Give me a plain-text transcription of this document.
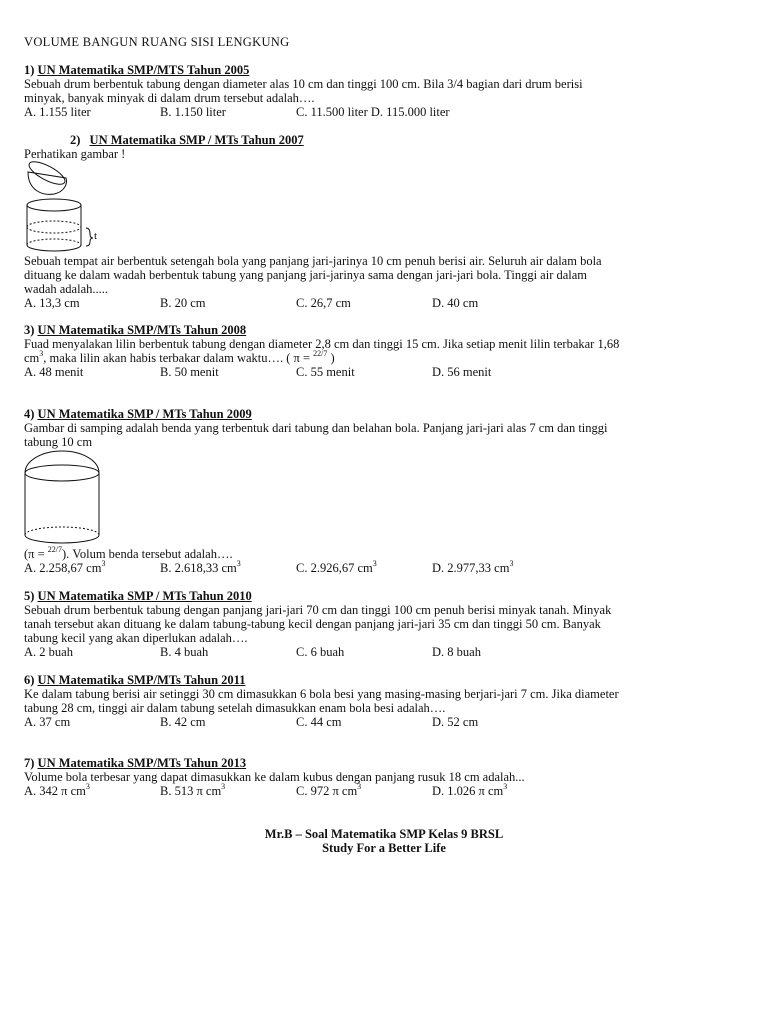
VOLUME BANGUN RUANG SISI LENGKUNG
1) UN Matematika SMP/MTS Tahun 2005
Sebuah drum berbentuk tabung dengan diameter alas 10 cm dan tinggi 100 cm. Bila 3/4 bagian dari drum berisi
minyak, banyak minyak di dalam drum tersebut adalah….
A. 1.155 liter	B. 1.150 liter	C. 11.500 liter D. 115.000 liter
2) UN Matematika SMP / MTs Tahun 2007
Perhatikan gambar !
t
Sebuah tempat air berbentuk setengah bola yang panjang jari-jarinya 10 cm penuh berisi air. Seluruh air dalam bola
dituang ke dalam wadah berbentuk tabung yang panjang jari-jarinya sama dengan jari-jari bola. Tinggi air dalam
wadah adalah.....
A. 13,3 cm	B. 20 cm	C. 26,7 cm	D. 40 cm
3) UN Matematika SMP/MTs Tahun 2008
Fuad menyalakan lilin berbentuk tabung dengan diameter 2,8 cm dan tinggi 15 cm. Jika setiap menit lilin terbakar 1,68
$cm^3$, maka lilin akan habis terbakar dalam waktu…. ( π = $^{22/7}$ )
A. 48 menit	B. 50 menit	C. 55 menit	D. 56 menit
4) UN Matematika SMP / MTs Tahun 2009
Gambar di samping adalah benda yang terbentuk dari tabung dan belahan bola. Panjang jari-jari alas 7 cm dan tinggi
tabung 10 cm
(π = $^{22/7}$). Volum benda tersebut adalah….
A. 2.258,67 $cm^3$	B. 2.618,33 $cm^3$	C. 2.926,67 $cm^3$	D. 2.977,33 $cm^3$
5) UN Matematika SMP / MTs Tahun 2010
Sebuah drum berbentuk tabung dengan panjang jari-jari 70 cm dan tinggi 100 cm penuh berisi minyak tanah. Minyak
tanah tersebut akan dituang ke dalam tabung-tabung kecil dengan panjang jari-jari 35 cm dan tinggi 50 cm. Banyak
tabung kecil yang akan diperlukan adalah….
A. 2 buah	B. 4 buah	C. 6 buah	D. 8 buah
6) UN Matematika SMP/MTs Tahun 2011
Ke dalam tabung berisi air setinggi 30 cm dimasukkan 6 bola besi yang masing-masing berjari-jari 7 cm. Jika diameter
tabung 28 cm, tinggi air dalam tabung setelah dimasukkan enam bola besi adalah….
A. 37 cm	B. 42 cm	C. 44 cm	D. 52 cm
7) UN Matematika SMP/MTs Tahun 2013
Volume bola terbesar yang dapat dimasukkan ke dalam kubus dengan panjang rusuk 18 cm adalah...
A. 342 π $cm^3$	B. 513 π $cm^3$	C. 972 π $cm^3$	D. 1.026 π $cm^3$
Mr.B – Soal Matematika SMP Kelas 9 BRSL
Study For a Better Life
